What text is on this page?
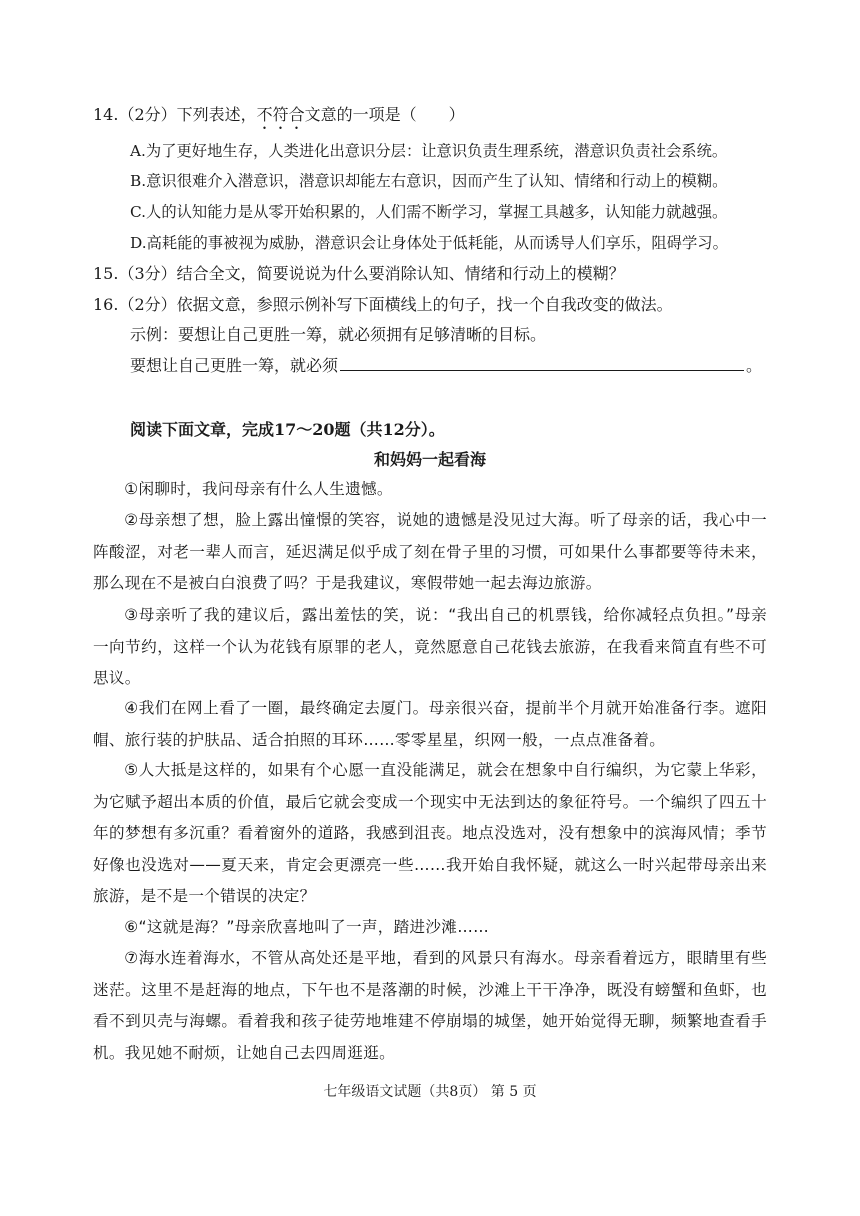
14.（2分）下列表述，不符合文意的一项是（　　）
A.为了更好地生存，人类进化出意识分层：让意识负责生理系统，潜意识负责社会系统。
B.意识很难介入潜意识，潜意识却能左右意识，因而产生了认知、情绪和行动上的模糊。
C.人的认知能力是从零开始积累的，人们需不断学习，掌握工具越多，认知能力就越强。
D.高耗能的事被视为威胁，潜意识会让身体处于低耗能，从而诱导人们享乐，阻碍学习。
15.（3分）结合全文，简要说说为什么要消除认知、情绪和行动上的模糊？
16.（2分）依据文意，参照示例补写下面横线上的句子，找一个自我改变的做法。
示例：要想让自己更胜一筹，就必须拥有足够清晰的目标。
要想让自己更胜一筹，就必须	。
阅读下面文章，完成17～20题（共12分）。
和妈妈一起看海
①闲聊时，我问母亲有什么人生遗憾。
②母亲想了想，脸上露出憧憬的笑容，说她的遗憾是没见过大海。听了母亲的话，我心中一阵酸涩，对老一辈人而言，延迟满足似乎成了刻在骨子里的习惯，可如果什么事都要等待未来，那么现在不是被白白浪费了吗？于是我建议，寒假带她一起去海边旅游。
③母亲听了我的建议后，露出羞怯的笑，说：“我出自己的机票钱，给你减轻点负担。”母亲一向节约，这样一个认为花钱有原罪的老人，竟然愿意自己花钱去旅游，在我看来简直有些不可思议。
④我们在网上看了一圈，最终确定去厦门。母亲很兴奋，提前半个月就开始准备行李。遮阳帽、旅行装的护肤品、适合拍照的耳环……零零星星，织网一般，一点点准备着。
⑤人大抵是这样的，如果有个心愿一直没能满足，就会在想象中自行编织，为它蒙上华彩，为它赋予超出本质的价值，最后它就会变成一个现实中无法到达的象征符号。一个编织了四五十年的梦想有多沉重？看着窗外的道路，我感到沮丧。地点没选对，没有想象中的滨海风情；季节好像也没选对——夏天来，肯定会更漂亮一些……我开始自我怀疑，就这么一时兴起带母亲出来旅游，是不是一个错误的决定？
⑥“这就是海？”母亲欣喜地叫了一声，踏进沙滩……
⑦海水连着海水，不管从高处还是平地，看到的风景只有海水。母亲看着远方，眼睛里有些迷茫。这里不是赶海的地点，下午也不是落潮的时候，沙滩上干干净净，既没有螃蟹和鱼虾，也看不到贝壳与海螺。看着我和孩子徒劳地堆建不停崩塌的城堡，她开始觉得无聊，频繁地查看手机。我见她不耐烦，让她自己去四周逛逛。
七年级语文试题（共8页） 第 5 页
